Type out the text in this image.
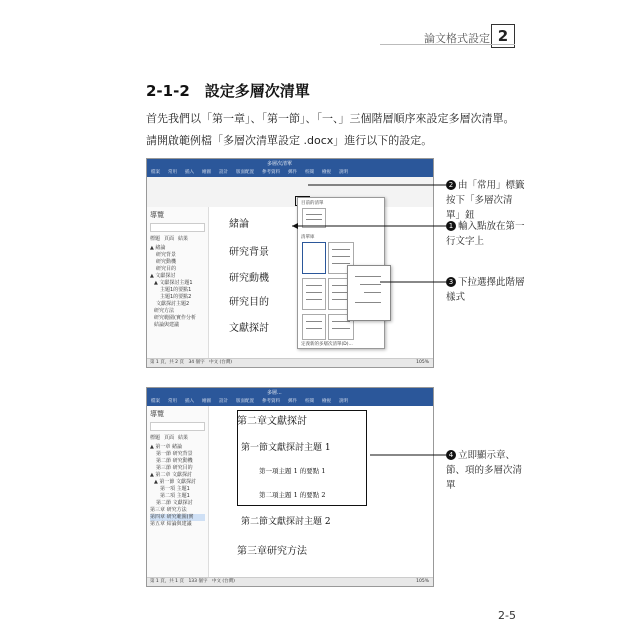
論文格式設定 2
2-1-2　設定多層次清單

首先我們以「第一章」、「第一節」、「一、」三個階層順序來設定多層次清單。請開啟範例檔「多層次清單設定 .docx」進行以下的設定。

多層次清單
檔案 常用 插入 繪圖 設計 版面配置 參考資料 郵件 校閱 檢視 說明
導覽
標題 頁面 結果
▲ 緒論
研究背景
研究動機
研究目的
▲ 文獻探討
▲ 文獻探討主題1
主題1的要點1
主題1的要點2
文獻探討主題2
研究方法
研究範圍(實作分析
結論與建議
緒論
研究背景
研究動機
研究目的
文獻探討
目前的清單
清單庫
定義新的多層次清單(D)...
第 1 頁，共 2 頁　34 個字　中文 (台灣)	105%
多層...
檔案 常用 插入 繪圖 設計 版面配置 參考資料 郵件 校閱 檢視 說明
導覽
標題 頁面 結果
▲ 第一章 緒論
第一節 研究背景
第二節 研究動機
第三節 研究目的
▲ 第二章 文獻探討
▲ 第一節 文獻探討
第一項 主題1
第二項 主題1
第二節 文獻探討
第三章 研究方法
第四章 研究範圍(實
第五章 結論與建議
第二章文獻探討
第一節文獻探討主題 1
第一項主題 1 的要點 1
第二項主題 1 的要點 2
第二節文獻探討主題 2
第三章研究方法
第 1 頁，共 1 頁　133 個字　中文 (台灣)	105%
2 由「常用」標籤按下「多層次清單」鈕
1 輸入點放在第一行文字上
3 下拉選擇此階層樣式
4 立即顯示章、節、項的多層次清單
2-5
